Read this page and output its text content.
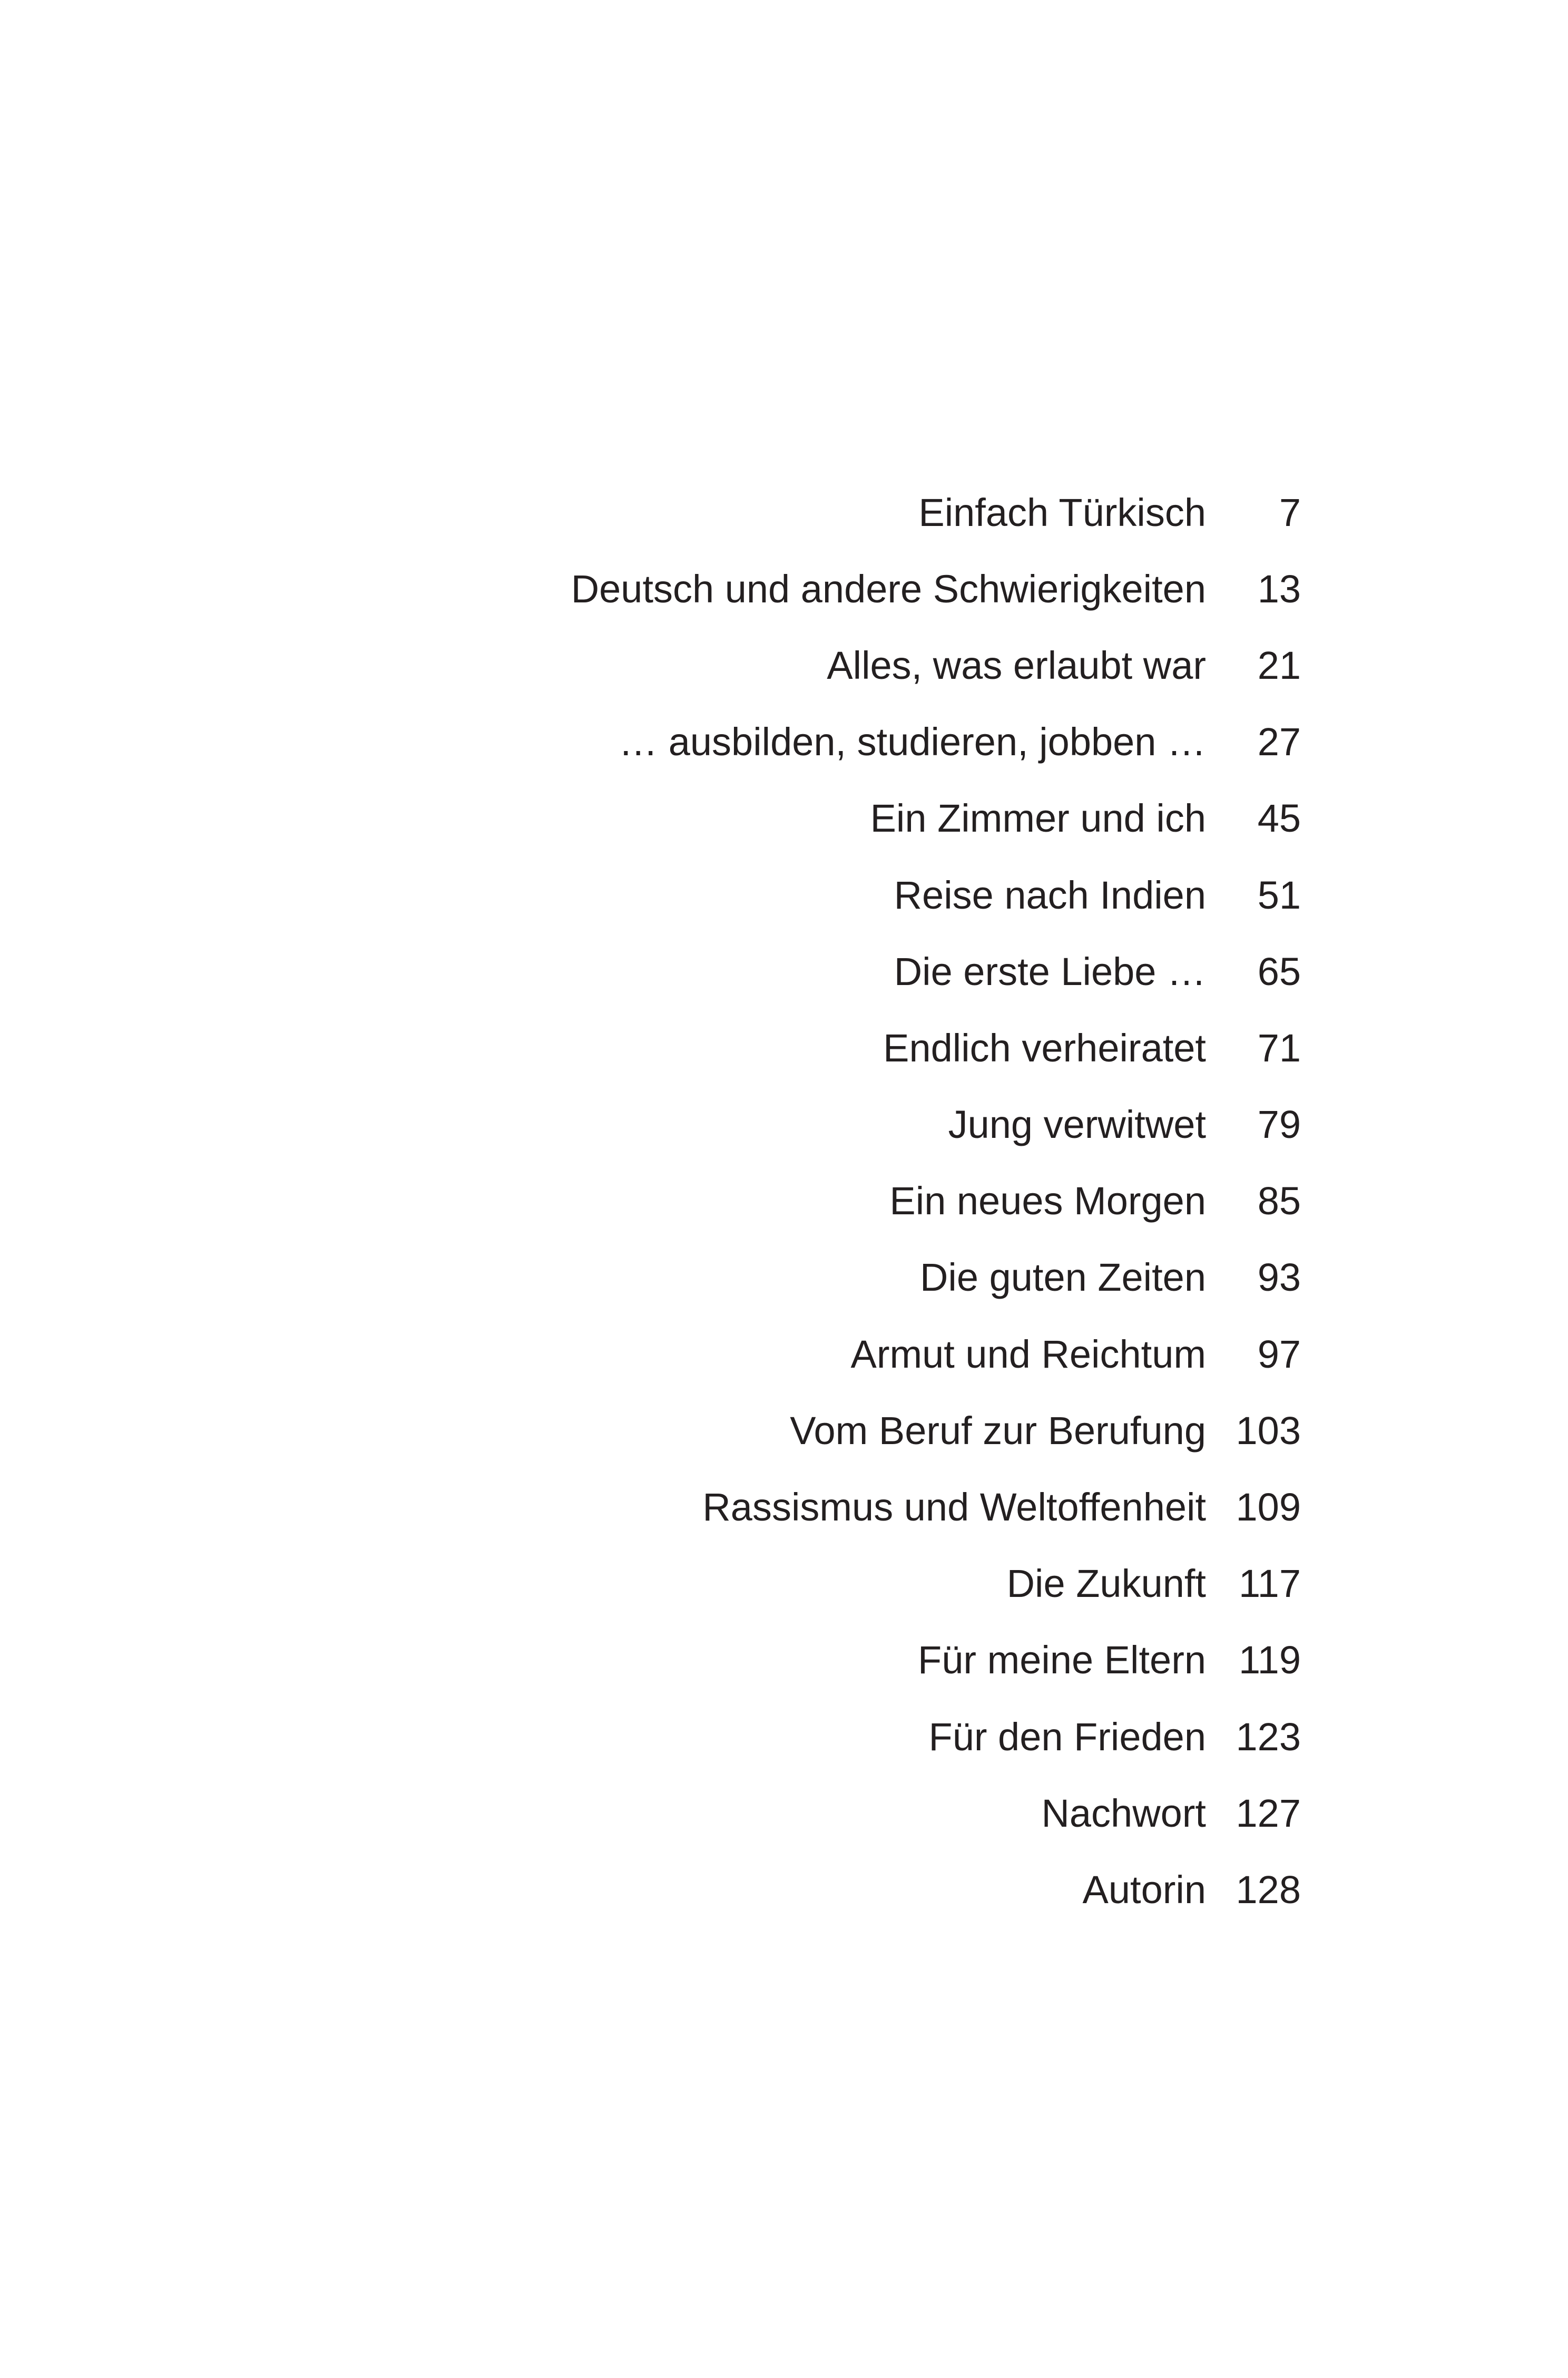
Einfach Türkisch	7
Deutsch und andere Schwierigkeiten	13
Alles, was erlaubt war	21
… ausbilden, studieren, jobben …	27
Ein Zimmer und ich	45
Reise nach Indien	51
Die erste Liebe …	65
Endlich verheiratet	71
Jung verwitwet	79
Ein neues Morgen	85
Die guten Zeiten	93
Armut und Reichtum	97
Vom Beruf zur Berufung 103
Rassismus und Weltoffenheit 109
Die Zukunft 117
Für meine Eltern 119
Für den Frieden 123
Nachwort 127
Autorin 128
